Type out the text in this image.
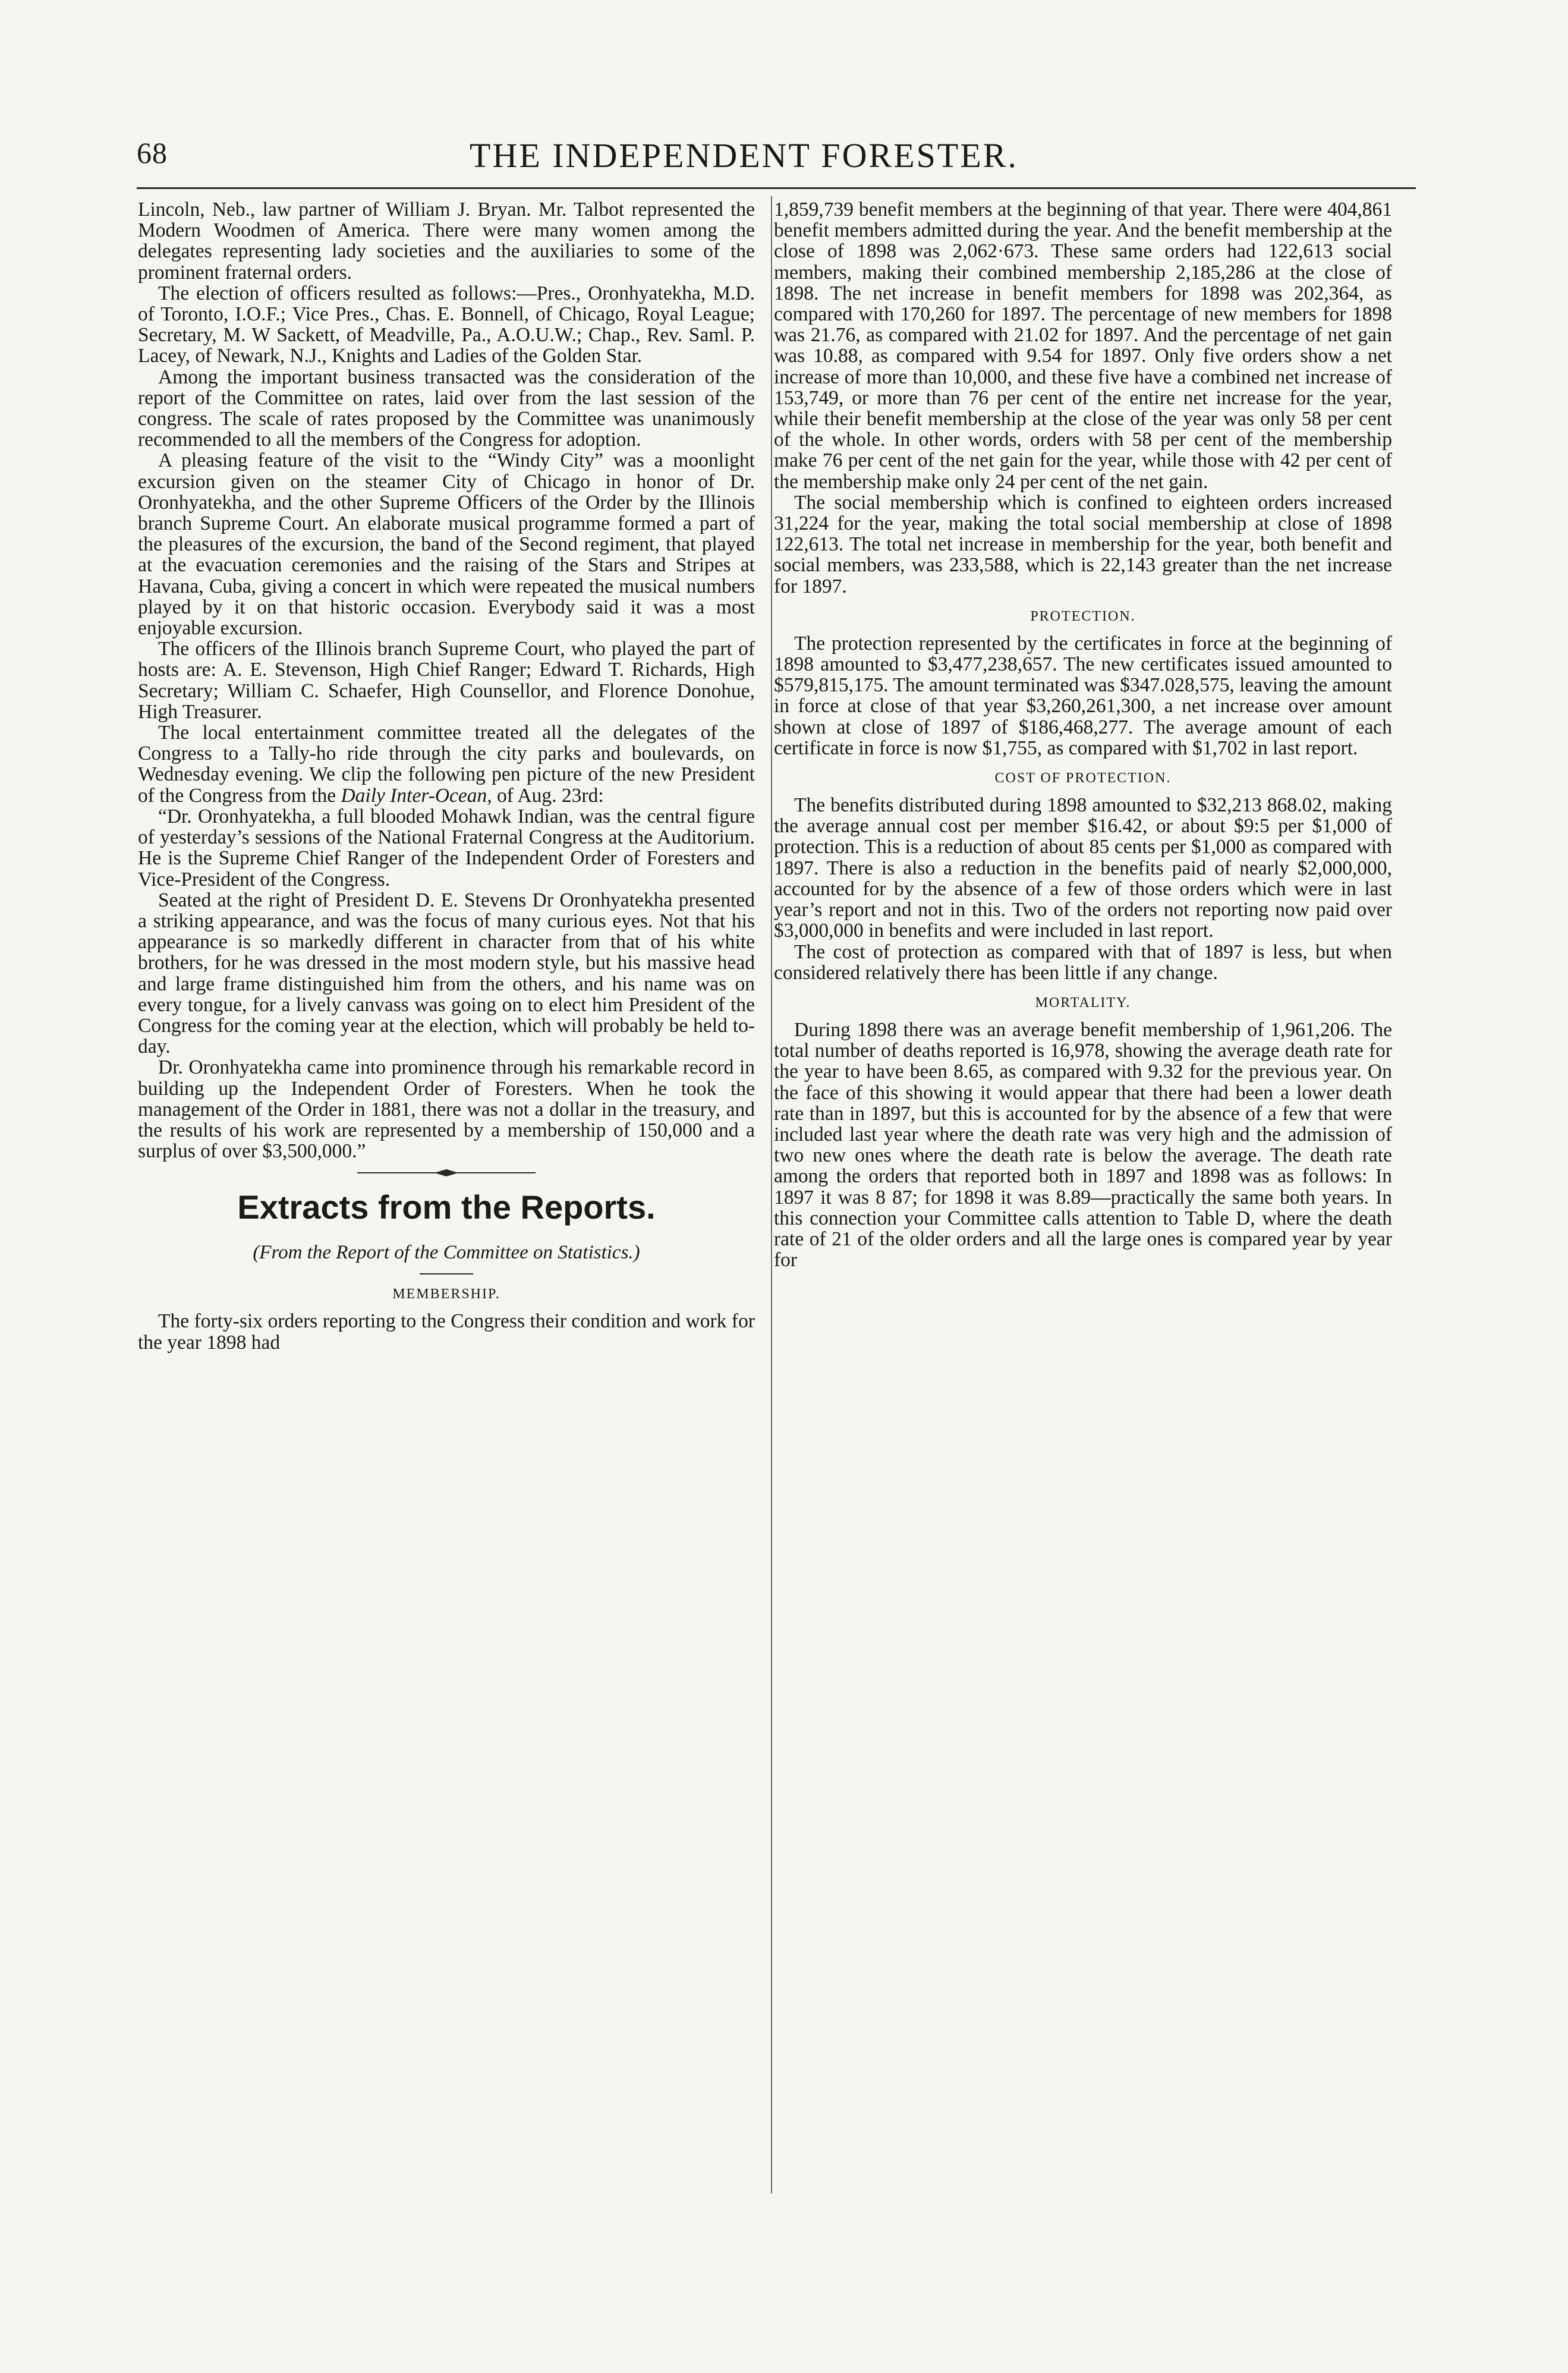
68	THE INDEPENDENT FORESTER.

Lincoln, Neb., law partner of William J. Bryan. Mr. Talbot represented the Modern Woodmen of America. There were many women among the delegates representing lady societies and the auxiliaries to some of the prominent fraternal orders.

The election of officers resulted as follows:—Pres., Oronhyatekha, M.D. of Toronto, I.O.F.; Vice Pres., Chas. E. Bonnell, of Chicago, Royal League; Secretary, M. W Sackett, of Meadville, Pa., A.O.U.W.; Chap., Rev. Saml. P. Lacey, of Newark, N.J., Knights and Ladies of the Golden Star.

Among the important business transacted was the consideration of the report of the Committee on rates, laid over from the last session of the congress. The scale of rates proposed by the Committee was unanimously recommended to all the members of the Congress for adoption.

A pleasing feature of the visit to the “Windy City” was a moonlight excursion given on the steamer City of Chicago in honor of Dr. Oronhyatekha, and the other Supreme Officers of the Order by the Illinois branch Supreme Court. An elaborate musical programme formed a part of the pleasures of the excursion, the band of the Second regiment, that played at the evacuation ceremonies and the raising of the Stars and Stripes at Havana, Cuba, giving a concert in which were repeated the musical numbers played by it on that historic occasion. Everybody said it was a most enjoyable excursion.

The officers of the Illinois branch Supreme Court, who played the part of hosts are: A. E. Stevenson, High Chief Ranger; Edward T. Richards, High Secretary; William C. Schaefer, High Counsellor, and Florence Donohue, High Treasurer.

The local entertainment committee treated all the delegates of the Congress to a Tally-ho ride through the city parks and boulevards, on Wednesday evening. We clip the following pen picture of the new President of the Congress from the Daily Inter-Ocean, of Aug. 23rd:

“Dr. Oronhyatekha, a full blooded Mohawk Indian, was the central figure of yesterday’s sessions of the National Fraternal Congress at the Auditorium. He is the Supreme Chief Ranger of the Independent Order of Foresters and Vice-President of the Congress.

Seated at the right of President D. E. Stevens Dr Oronhyatekha presented a striking appearance, and was the focus of many curious eyes. Not that his appearance is so markedly different in character from that of his white brothers, for he was dressed in the most modern style, but his massive head and large frame distinguished him from the others, and his name was on every tongue, for a lively canvass was going on to elect him President of the Congress for the coming year at the election, which will probably be held to-day.

Dr. Oronhyatekha came into prominence through his remarkable record in building up the Independent Order of Foresters. When he took the management of the Order in 1881, there was not a dollar in the treasury, and the results of his work are represented by a membership of 150,000 and a surplus of over $3,500,000.”

Extracts from the Reports.
(From the Report of the Committee on Statistics.)
MEMBERSHIP.

The forty-six orders reporting to the Congress their condition and work for the year 1898 had

1,859,739 benefit members at the beginning of that year. There were 404,861 benefit members admitted during the year. And the benefit membership at the close of 1898 was 2,062·673. These same orders had 122,613 social members, making their combined membership 2,185,286 at the close of 1898. The net increase in benefit members for 1898 was 202,364, as compared with 170,260 for 1897. The percentage of new members for 1898 was 21.76, as compared with 21.02 for 1897. And the percentage of net gain was 10.88, as compared with 9.54 for 1897. Only five orders show a net increase of more than 10,000, and these five have a combined net increase of 153,749, or more than 76 per cent of the entire net increase for the year, while their benefit membership at the close of the year was only 58 per cent of the whole. In other words, orders with 58 per cent of the membership make 76 per cent of the net gain for the year, while those with 42 per cent of the membership make only 24 per cent of the net gain.

The social membership which is confined to eighteen orders increased 31,224 for the year, making the total social membership at close of 1898 122,613. The total net increase in membership for the year, both benefit and social members, was 233,588, which is 22,143 greater than the net increase for 1897.

PROTECTION.

The protection represented by the certificates in force at the beginning of 1898 amounted to $3,477,238,657. The new certificates issued amounted to $579,815,175. The amount terminated was $347.028,575, leaving the amount in force at close of that year $3,260,261,300, a net increase over amount shown at close of 1897 of $186,468,277. The average amount of each certificate in force is now $1,755, as compared with $1,702 in last report.

COST OF PROTECTION.

The benefits distributed during 1898 amounted to $32,213 868.02, making the average annual cost per member $16.42, or about $9:5 per $1,000 of protection. This is a reduction of about 85 cents per $1,000 as compared with 1897. There is also a reduction in the benefits paid of nearly $2,000,000, accounted for by the absence of a few of those orders which were in last year’s report and not in this. Two of the orders not reporting now paid over $3,000,000 in benefits and were included in last report.

The cost of protection as compared with that of 1897 is less, but when considered relatively there has been little if any change.

MORTALITY.

During 1898 there was an average benefit membership of 1,961,206. The total number of deaths reported is 16,978, showing the average death rate for the year to have been 8.65, as compared with 9.32 for the previous year. On the face of this showing it would appear that there had been a lower death rate than in 1897, but this is accounted for by the absence of a few that were included last year where the death rate was very high and the admission of two new ones where the death rate is below the average. The death rate among the orders that reported both in 1897 and 1898 was as follows: In 1897 it was 8 87; for 1898 it was 8.89—practically the same both years. In this connection your Committee calls attention to Table D, where the death rate of 21 of the older orders and all the large ones is compared year by year for
